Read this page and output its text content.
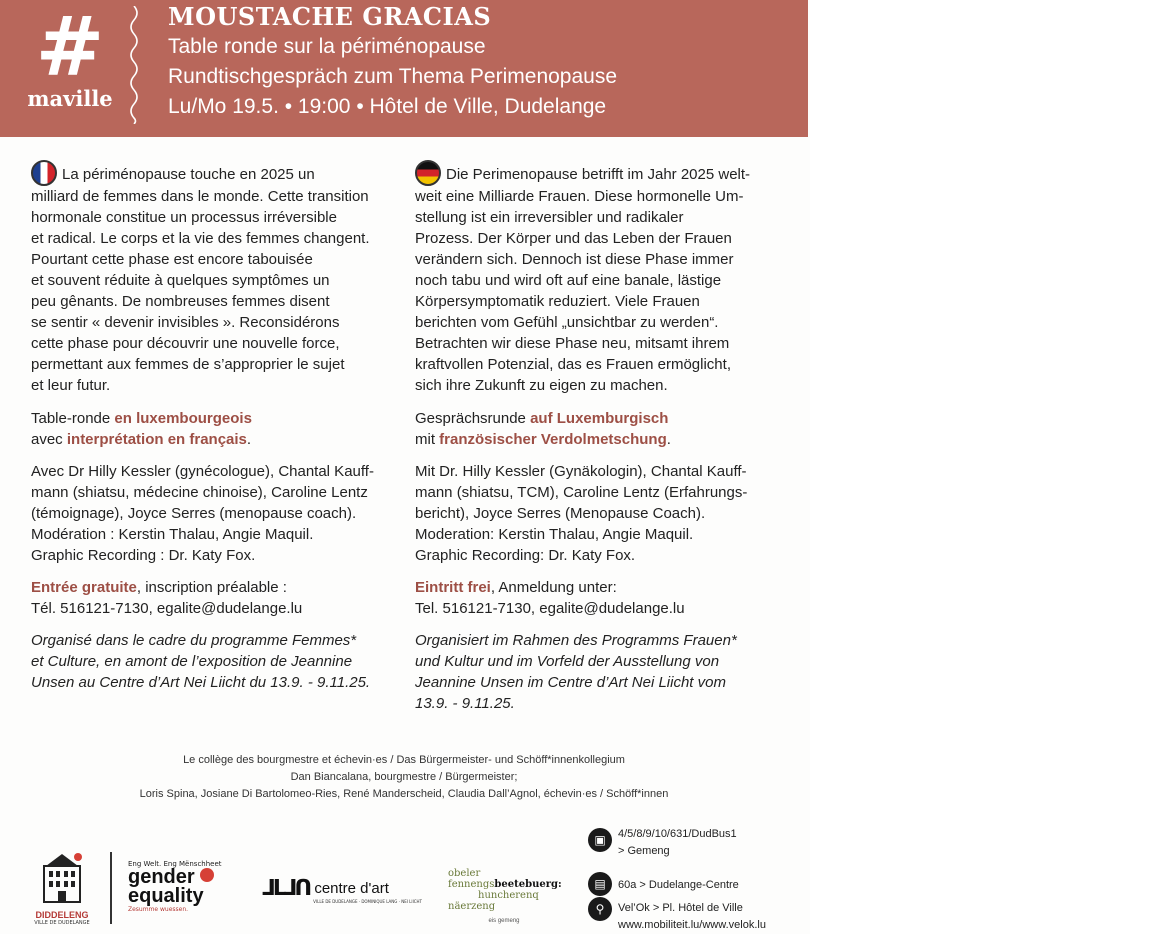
#
maville
MOUSTACHE GRACIAS
Table ronde sur la périménopause
Rundtischgespräch zum Thema Perimenopause
Lu/Mo 19.5. • 19:00 • Hôtel de Ville, Dudelange

La périménopause touche en 2025 un
milliard de femmes dans le monde. Cette transition
hormonale constitue un processus irréversible
et radical. Le corps et la vie des femmes changent.
Pourtant cette phase est encore tabouisée
et souvent réduite à quelques symptômes un
peu gênants. De nombreuses femmes disent
se sentir « devenir invisibles ». Reconsidérons
cette phase pour découvrir une nouvelle force,
permettant aux femmes de s’approprier le sujet
et leur futur.

Table-ronde en luxembourgeois
avec interprétation en français.

Avec Dr Hilly Kessler (gynécologue), Chantal Kauff-
mann (shiatsu, médecine chinoise), Caroline Lentz
(témoignage), Joyce Serres (menopause coach).
Modération : Kerstin Thalau, Angie Maquil.
Graphic Recording : Dr. Katy Fox.

Entrée gratuite, inscription préalable :
Tél. 516121-7130, egalite@dudelange.lu

Organisé dans le cadre du programme Femmes*
et Culture, en amont de l’exposition de Jeannine
Unsen au Centre d’Art Nei Liicht du 13.9. - 9.11.25.

Die Perimenopause betrifft im Jahr 2025 welt-
weit eine Milliarde Frauen. Diese hormonelle Um-
stellung ist ein irreversibler und radikaler
Prozess. Der Körper und das Leben der Frauen
verändern sich. Dennoch ist diese Phase immer
noch tabu und wird oft auf eine banale, lästige
Körpersymptomatik reduziert. Viele Frauen
berichten vom Gefühl „unsichtbar zu werden“.
Betrachten wir diese Phase neu, mitsamt ihrem
kraftvollen Potenzial, das es Frauen ermöglicht,
sich ihre Zukunft zu eigen zu machen.

Gesprächsrunde auf Luxemburgisch
mit französischer Verdolmetschung.

Mit Dr. Hilly Kessler (Gynäkologin), Chantal Kauff-
mann (shiatsu, TCM), Caroline Lentz (Erfahrungs-
bericht), Joyce Serres (Menopause Coach).
Moderation: Kerstin Thalau, Angie Maquil.
Graphic Recording: Dr. Katy Fox.

Eintritt frei, Anmeldung unter:
Tel. 516121-7130, egalite@dudelange.lu

Organisiert im Rahmen des Programms Frauen*
und Kultur und im Vorfeld der Ausstellung von
Jeannine Unsen im Centre d’Art Nei Liicht vom
13.9. - 9.11.25.

Le collège des bourgmestre et échevin·es / Das Bürgermeister- und Schöff*innenkollegium
Dan Biancalana, bourgmestre / Bürgermeister;
Loris Spina, Josiane Di Bartolomeo-Ries, René Manderscheid, Claudia Dall’Agnol, échevin·es / Schöff*innen
DIDDELENG
VILLE DE DUDELANGE
Eng Welt. Eng Mënschheet
gender
equality
Zesumme wuessen.
ᒧᒪᒧᑎ centre d'art
VILLE DE DUDELANGE · DOMINIQUE LANG · NEI LIICHT
obeler
fennengsbeetebuerg:
huncherenq
näerzeng
eis gemeng
▣	4/5/8/9/10/631/DudBus1
> Gemeng
▤	60a > Dudelange-Centre
⚲	Vel’Ok > Pl. Hôtel de Ville
www.mobiliteit.lu/www.velok.lu
